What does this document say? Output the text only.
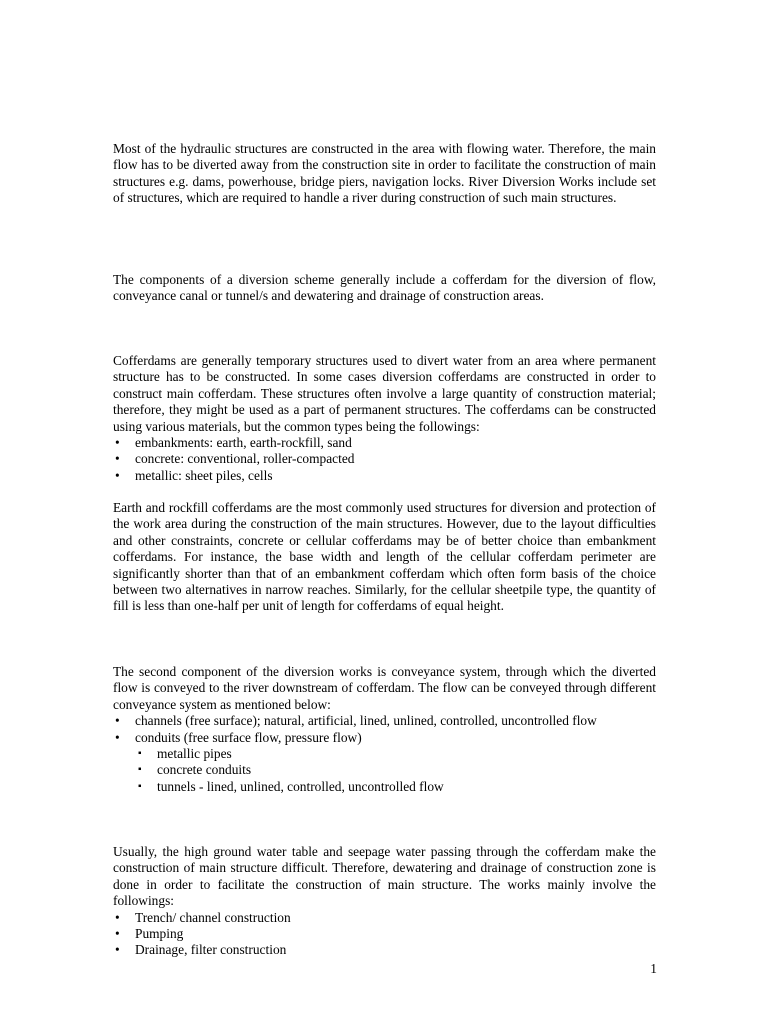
Most of the hydraulic structures are constructed in the area with flowing water. Therefore, the main flow has to be diverted away from the construction site in order to facilitate the construction of main structures e.g. dams, powerhouse, bridge piers, navigation locks. River Diversion Works include set of structures, which are required to handle a river during construction of such main structures.

The components of a diversion scheme generally include a cofferdam for the diversion of flow, conveyance canal or tunnel/s and dewatering and drainage of construction areas.

Cofferdams are generally temporary structures used to divert water from an area where permanent structure has to be constructed. In some cases diversion cofferdams are constructed in order to construct main cofferdam. These structures often involve a large quantity of construction material; therefore, they might be used as a part of permanent structures. The cofferdams can be constructed using various materials, but the common types being the followings:

• embankments: earth, earth-rockfill, sand
• concrete: conventional, roller-compacted
• metallic: sheet piles, cells

Earth and rockfill cofferdams are the most commonly used structures for diversion and protection of the work area during the construction of the main structures. However, due to the layout difficulties and other constraints, concrete or cellular cofferdams may be of better choice than embankment cofferdams. For instance, the base width and length of the cellular cofferdam perimeter are significantly shorter than that of an embankment cofferdam which often form basis of the choice between two alternatives in narrow reaches. Similarly, for the cellular sheetpile type, the quantity of fill is less than one-half per unit of length for cofferdams of equal height.

The second component of the diversion works is conveyance system, through which the diverted flow is conveyed to the river downstream of cofferdam. The flow can be conveyed through different conveyance system as mentioned below:

• channels (free surface); natural, artificial, lined, unlined, controlled, uncontrolled flow
• conduits (free surface flow, pressure flow)
▪ metallic pipes
▪ concrete conduits
▪ tunnels - lined, unlined, controlled, uncontrolled flow

Usually, the high ground water table and seepage water passing through the cofferdam make the construction of main structure difficult. Therefore, dewatering and drainage of construction zone is done in order to facilitate the construction of main structure. The works mainly involve the followings:

• Trench/ channel construction
• Pumping
• Drainage, filter construction
1
